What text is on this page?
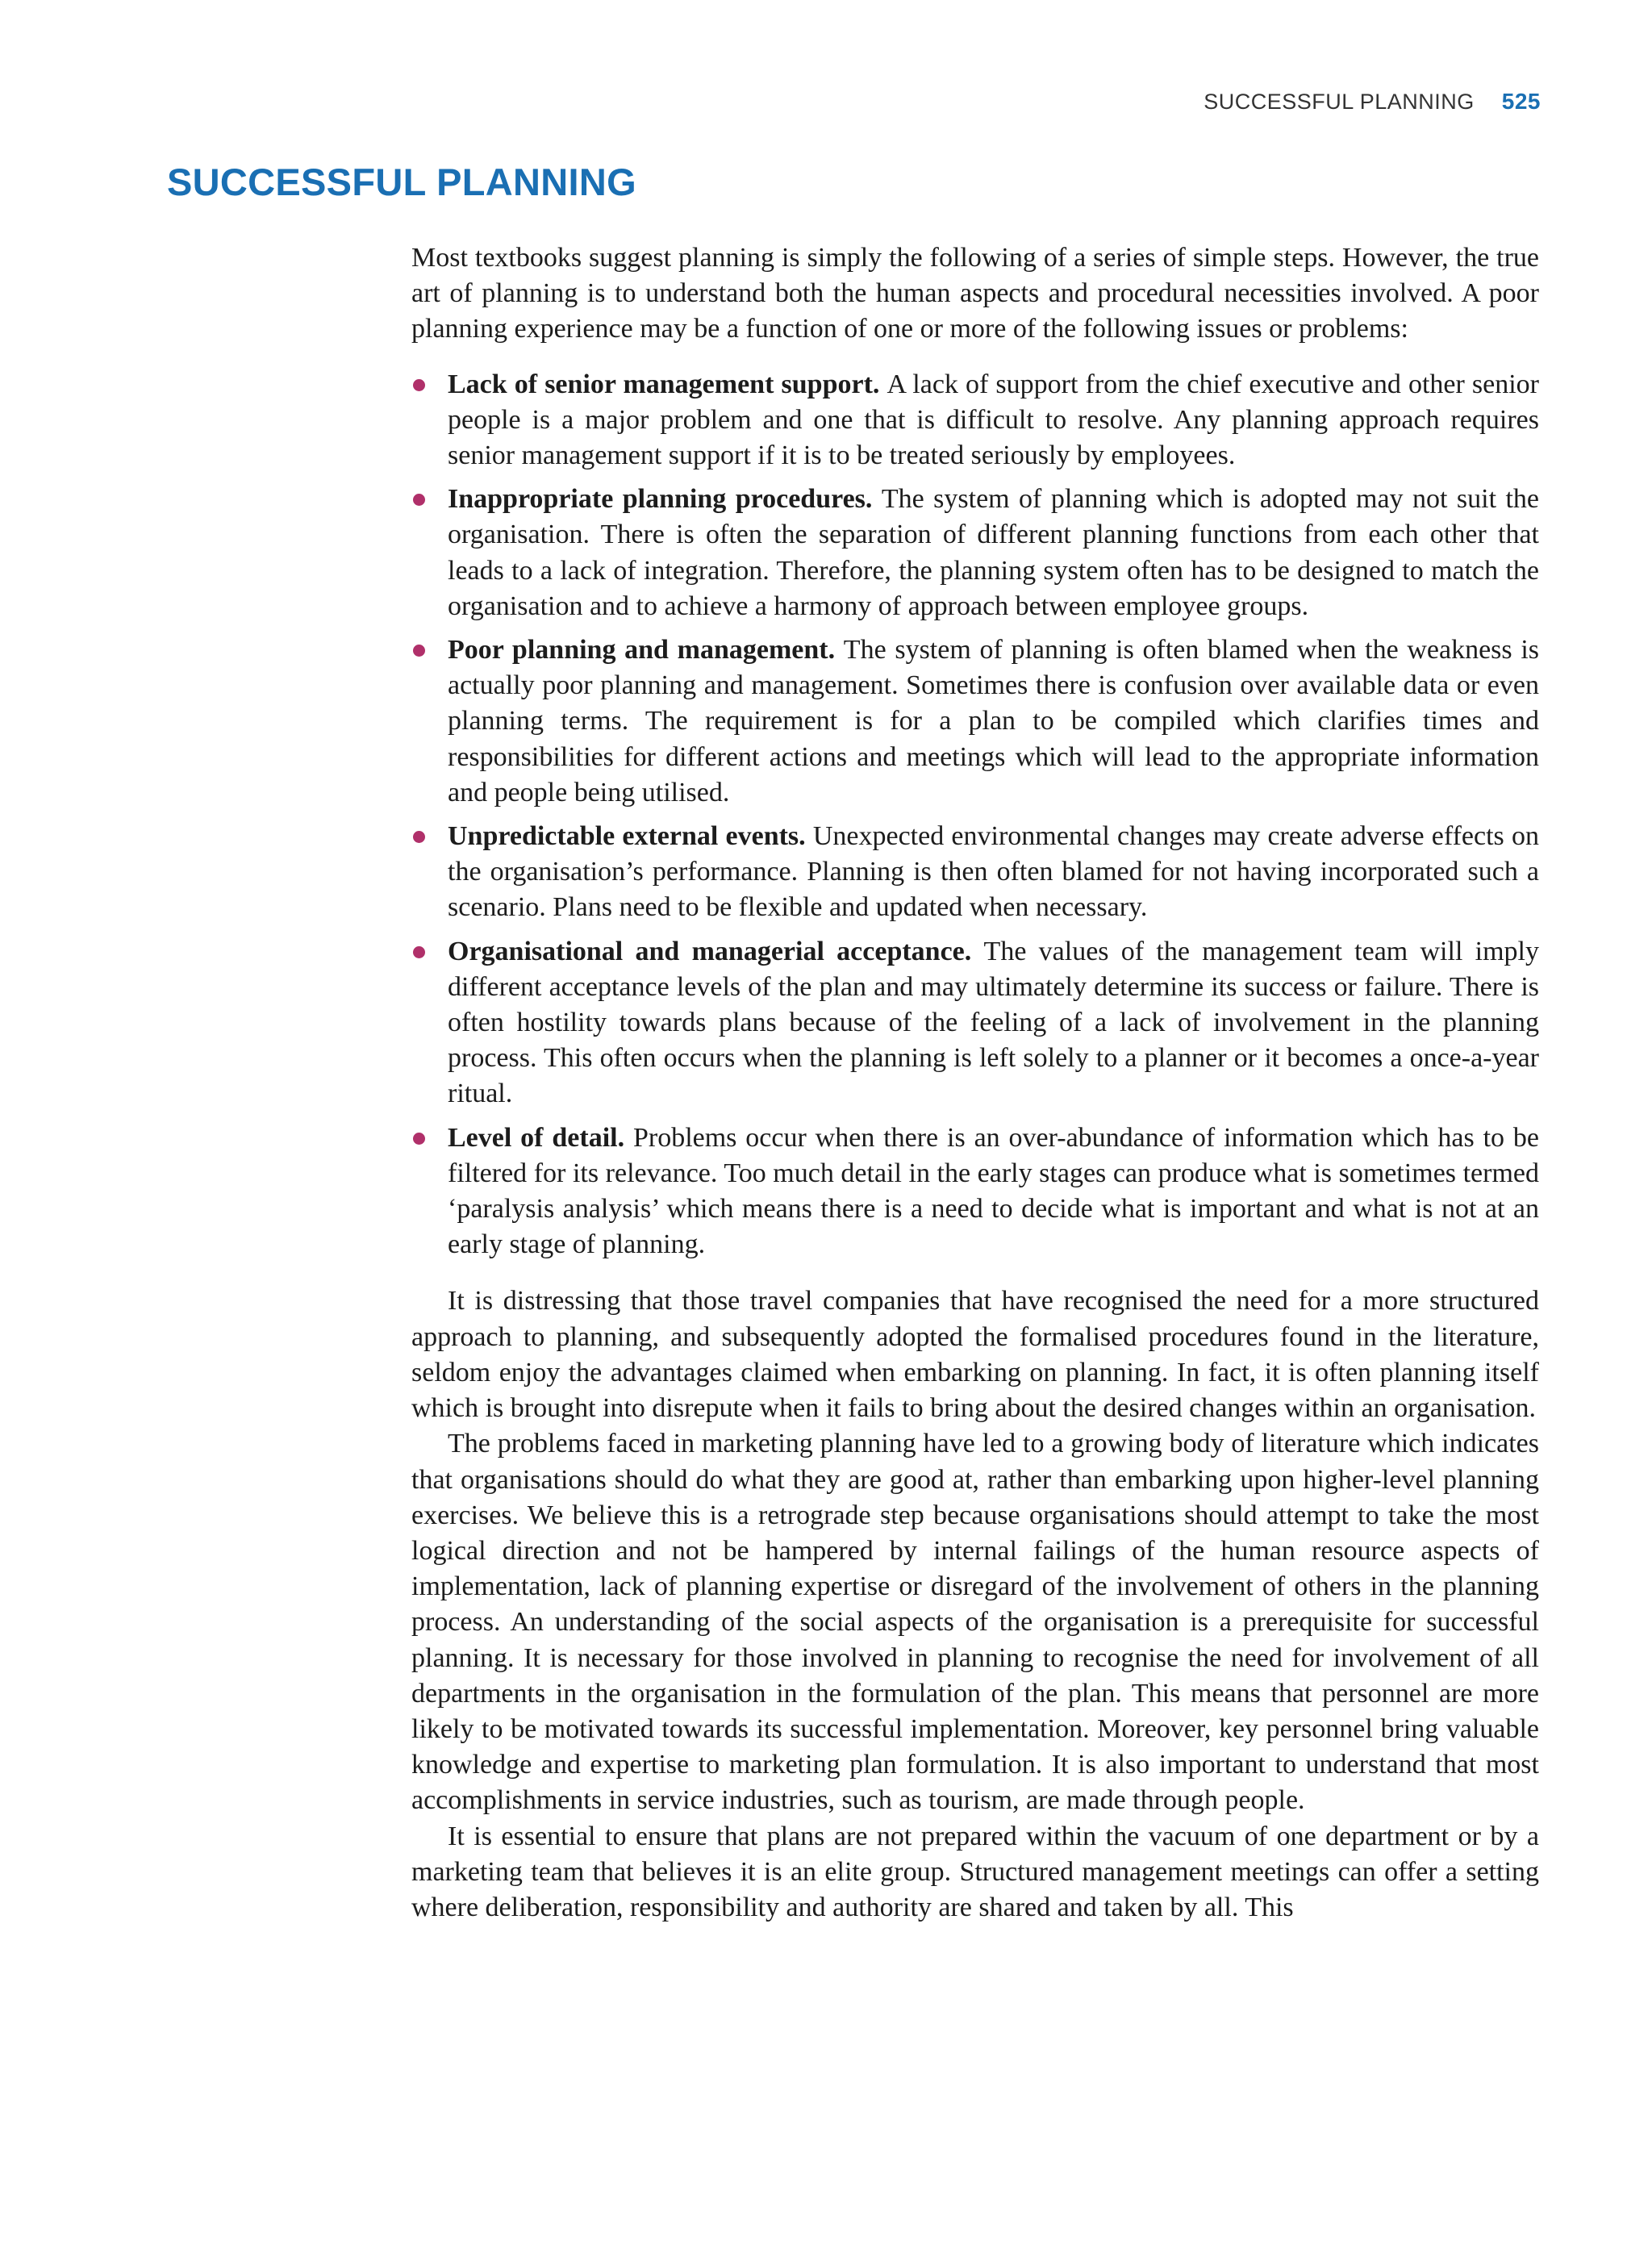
SUCCESSFUL PLANNING 525
SUCCESSFUL PLANNING

Most textbooks suggest planning is simply the following of a series of simple steps. However, the true art of planning is to understand both the human aspects and procedural necessities involved. A poor planning experience may be a function of one or more of the following issues or problems:

Lack of senior management support. A lack of support from the chief executive and other senior people is a major problem and one that is difficult to resolve. Any planning approach requires senior management support if it is to be treated seriously by employees.
Inappropriate planning procedures. The system of planning which is adopted may not suit the organisation. There is often the separation of different planning functions from each other that leads to a lack of integration. Therefore, the planning system often has to be designed to match the organisation and to achieve a harmony of approach between employee groups.
Poor planning and management. The system of planning is often blamed when the weakness is actually poor planning and management. Sometimes there is confusion over available data or even planning terms. The requirement is for a plan to be compiled which clarifies times and responsibilities for different actions and meetings which will lead to the appropriate information and people being utilised.
Unpredictable external events. Unexpected environmental changes may create adverse effects on the organisation’s performance. Planning is then often blamed for not having incorporated such a scenario. Plans need to be flexible and updated when necessary.
Organisational and managerial acceptance. The values of the management team will imply different acceptance levels of the plan and may ultimately determine its success or failure. There is often hostility towards plans because of the feeling of a lack of involvement in the planning process. This often occurs when the planning is left solely to a planner or it becomes a once-a-year ritual.
Level of detail. Problems occur when there is an over-abundance of information which has to be filtered for its relevance. Too much detail in the early stages can produce what is sometimes termed ‘paralysis analysis’ which means there is a need to decide what is important and what is not at an early stage of planning.

It is distressing that those travel companies that have recognised the need for a more structured approach to planning, and subsequently adopted the formalised procedures found in the literature, seldom enjoy the advantages claimed when embarking on planning. In fact, it is often planning itself which is brought into disrepute when it fails to bring about the desired changes within an organisation.

The problems faced in marketing planning have led to a growing body of literature which indicates that organisations should do what they are good at, rather than embarking upon higher-level planning exercises. We believe this is a retrograde step because organisations should attempt to take the most logical direction and not be hampered by internal failings of the human resource aspects of implementation, lack of planning expertise or disregard of the involvement of others in the planning process. An understanding of the social aspects of the organisation is a prerequisite for successful planning. It is necessary for those involved in planning to recognise the need for involvement of all departments in the organisation in the formulation of the plan. This means that personnel are more likely to be motivated towards its successful implementation. Moreover, key personnel bring valuable knowledge and expertise to marketing plan formulation. It is also important to understand that most accomplishments in service industries, such as tourism, are made through people.

It is essential to ensure that plans are not prepared within the vacuum of one department or by a marketing team that believes it is an elite group. Structured management meetings can offer a setting where deliberation, responsibility and authority are shared and taken by all. This
